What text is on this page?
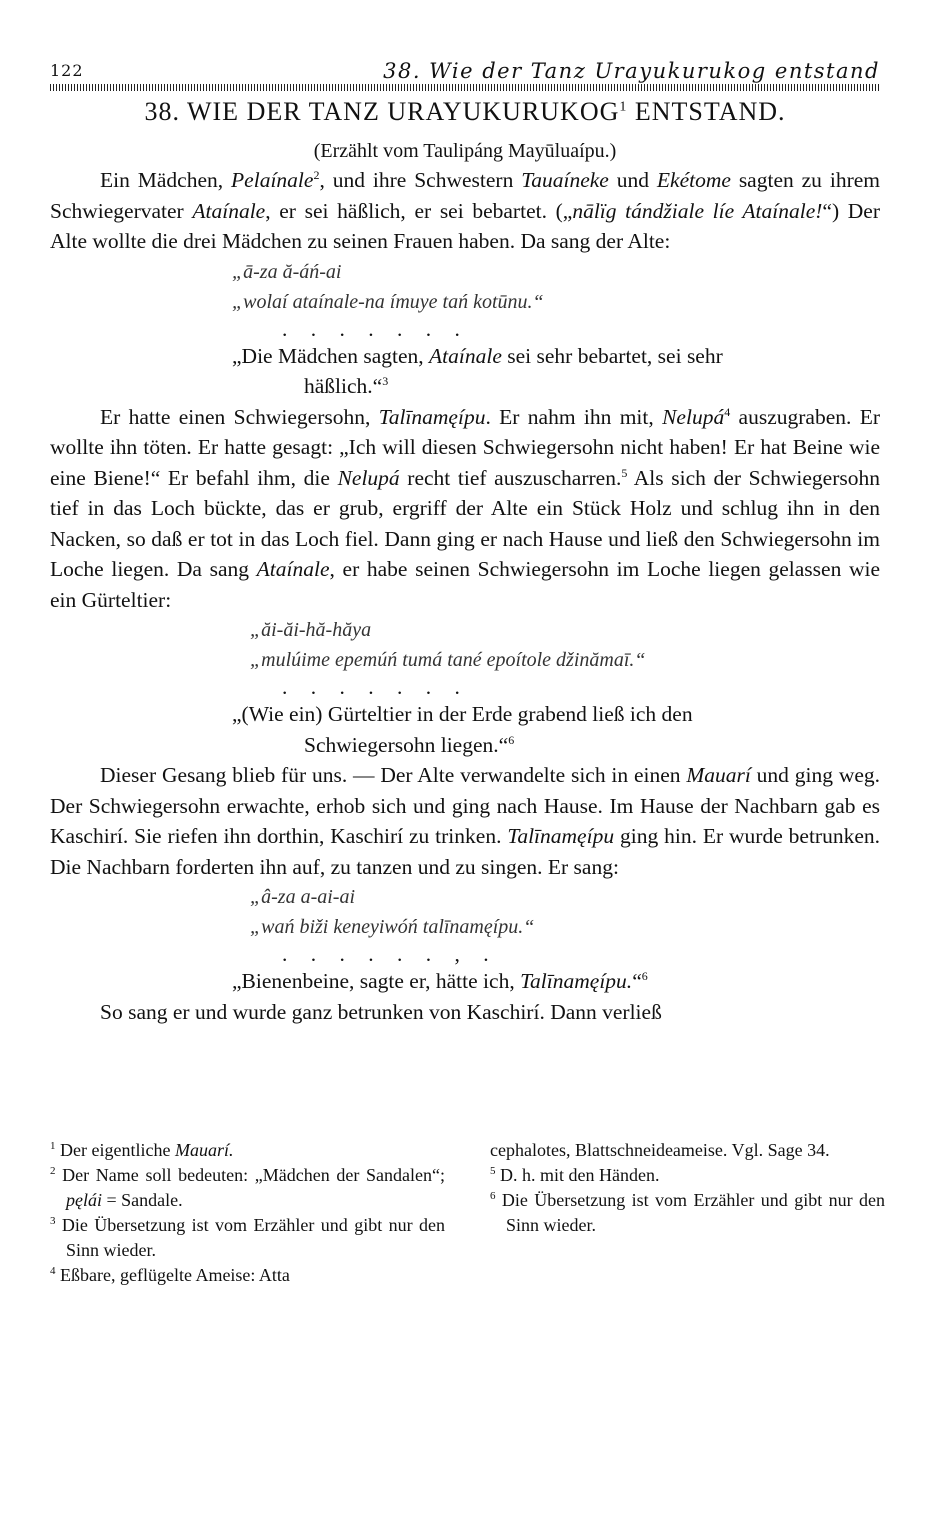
122	38. Wie der Tanz Urayukurukog entstand
38. WIE DER TANZ URAYUKURUKOG$^1$ ENTSTAND.
(Erzählt vom Taulipáng Mayūluaípu.)

Ein Mädchen, Pelaínale$^2$, und ihre Schwestern Tauaíneke und Ekétome sagten zu ihrem Schwiegervater Ataínale, er sei häßlich, er sei bebartet. („nālïg tándžiale líe Ataínale!“) Der Alte wollte die drei Mädchen zu seinen Frauen haben. Da sang der Alte:

„ā-za ă-áń-ai
„wolaí ataínale-na ímuye tań kotūnu.“
. . . . . . .
„Die Mädchen sagten, Ataínale sei sehr bebartet, sei sehr
häßlich.“$^3$

Er hatte einen Schwiegersohn, Talīnamęípu. Er nahm ihn mit, Nelupá$^4$ auszugraben. Er wollte ihn töten. Er hatte gesagt: „Ich will diesen Schwiegersohn nicht haben! Er hat Beine wie eine Biene!“ Er befahl ihm, die Nelupá recht tief auszuscharren.$^5$ Als sich der Schwiegersohn tief in das Loch bückte, das er grub, ergriff der Alte ein Stück Holz und schlug ihn in den Nacken, so daß er tot in das Loch fiel. Dann ging er nach Hause und ließ den Schwiegersohn im Loche liegen. Da sang Ataínale, er habe seinen Schwiegersohn im Loche liegen gelassen wie ein Gürteltier:

„ăi-ăi-hă-hăya
„mulúime epemúń tumá tané epoítole džinămaī.“
. . . . . . .
„(Wie ein) Gürteltier in der Erde grabend ließ ich den
Schwiegersohn liegen.“$^6$

Dieser Gesang blieb für uns. — Der Alte verwandelte sich in einen Mauarí und ging weg. Der Schwiegersohn erwachte, erhob sich und ging nach Hause. Im Hause der Nachbarn gab es Kaschirí. Sie riefen ihn dorthin, Kaschirí zu trinken. Talīnamęípu ging hin. Er wurde betrunken. Die Nachbarn forderten ihn auf, zu tanzen und zu singen. Er sang:

„â-za a-ai-ai
„wań biži keneyiwóń talīnamęípu.“
. . . . . . , .
„Bienenbeine, sagte er, hätte ich, Talīnamęípu.“$^6$

So sang er und wurde ganz betrunken von Kaschirí. Dann verließ

$^1$ Der eigentliche Mauarí.

$^2$ Der Name soll bedeuten: „Mädchen der Sandalen“; pęlái = Sandale.

$^3$ Die Übersetzung ist vom Erzähler und gibt nur den Sinn wieder.

$^4$ Eßbare, geflügelte Ameise: Atta

cephalotes, Blattschneideameise. Vgl. Sage 34.

$^5$ D. h. mit den Händen.

$^6$ Die Übersetzung ist vom Erzähler und gibt nur den Sinn wieder.
